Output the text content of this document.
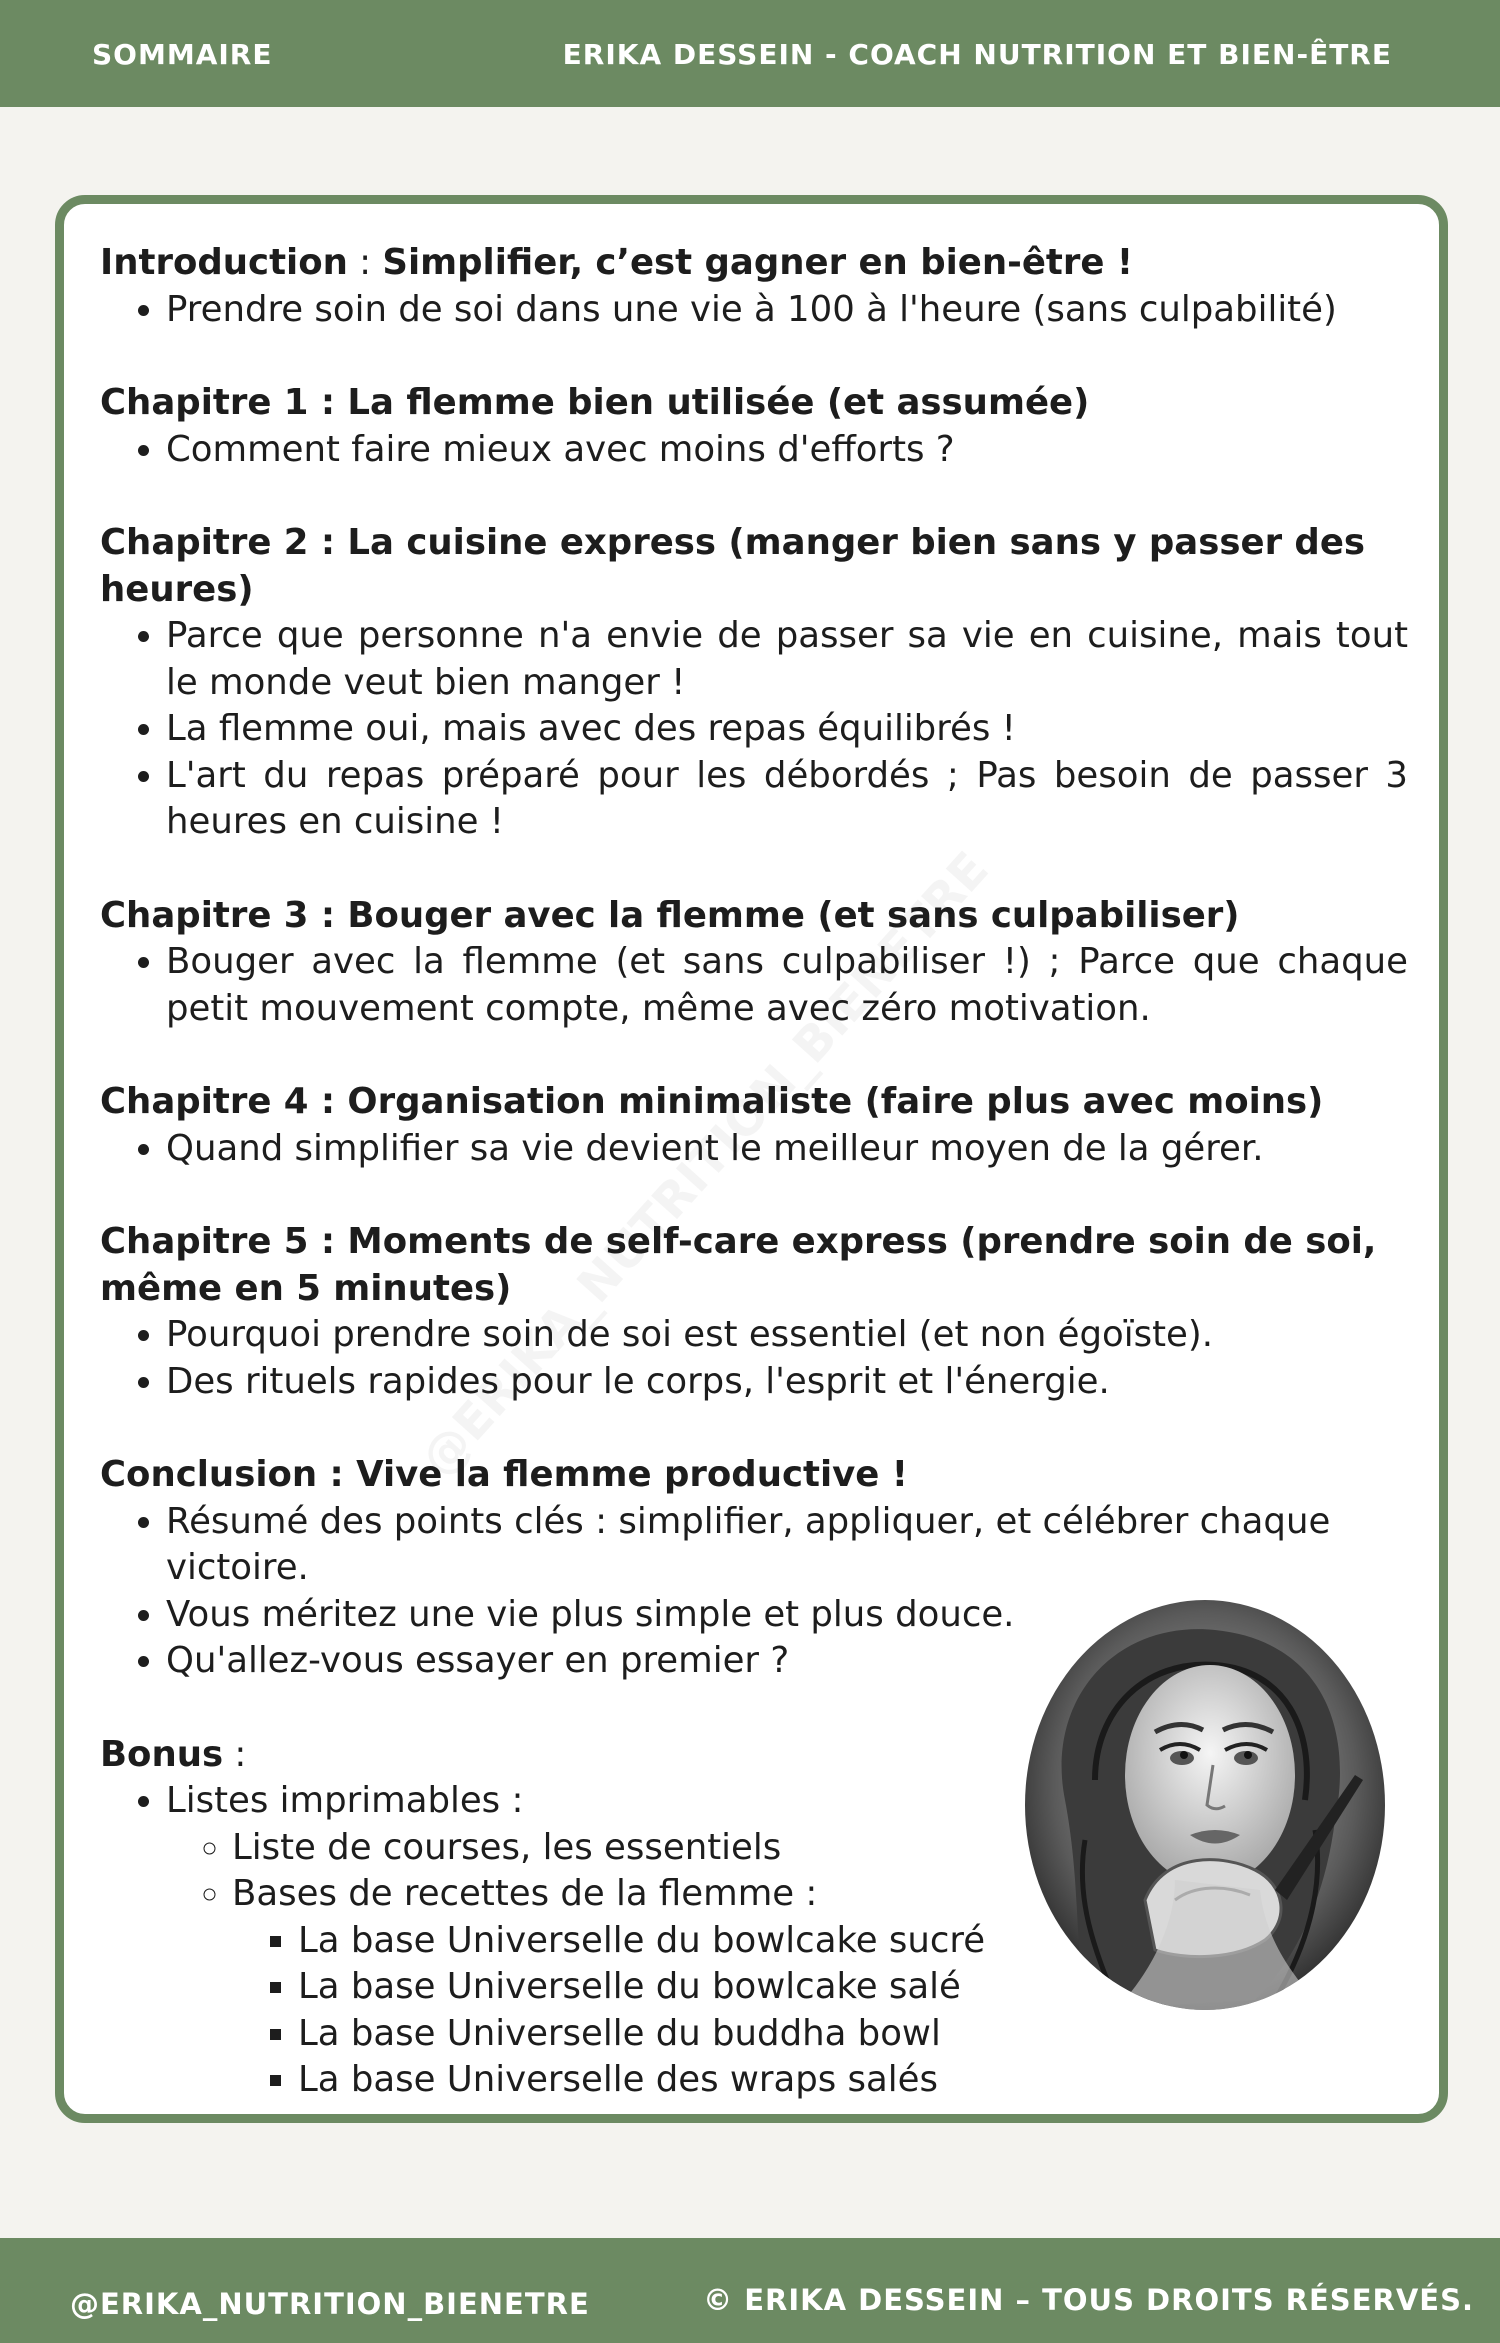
SOMMAIRE	ERIKA DESSEIN - COACH NUTRITION ET BIEN-ÊTRE

Introduction : Simplifier, c’est gagner en bien-être !

• Prendre soin de soi dans une vie à 100 à l'heure (sans culpabilité)

Chapitre 1 : La flemme bien utilisée (et assumée)

• Comment faire mieux avec moins d'efforts ?

Chapitre 2 : La cuisine express (manger bien sans y passer des heures)

• Parce que personne n'a envie de passer sa vie en cuisine, mais tout le monde veut bien manger !
• La flemme oui, mais avec des repas équilibrés !
• L'art du repas préparé pour les débordés ; Pas besoin de passer 3 heures en cuisine !

Chapitre 3 : Bouger avec la flemme (et sans culpabiliser)

• Bouger avec la flemme (et sans culpabiliser !) ; Parce que chaque petit mouvement compte, même avec zéro motivation.

Chapitre 4 : Organisation minimaliste (faire plus avec moins)

• Quand simplifier sa vie devient le meilleur moyen de la gérer.

Chapitre 5 : Moments de self-care express (prendre soin de soi, même en 5 minutes)

• Pourquoi prendre soin de soi est essentiel (et non égoïste).
• Des rituels rapides pour le corps, l'esprit et l'énergie.

Conclusion : Vive la flemme productive !

• Résumé des points clés : simplifier, appliquer, et célébrer chaque victoire.
• Vous méritez une vie plus simple et plus douce.
• Qu'allez-vous essayer en premier ?

Bonus :

• Listes imprimables :
◦ Liste de courses, les essentiels
◦ Bases de recettes de la flemme :
▪ La base Universelle du bowlcake sucré
▪ La base Universelle du bowlcake salé
▪ La base Universelle du buddha bowl
▪ La base Universelle des wraps salés
@ERIKA_NUTRITION_BIENETRE	© ERIKA DESSEIN – TOUS DROITS RÉSERVÉS.
